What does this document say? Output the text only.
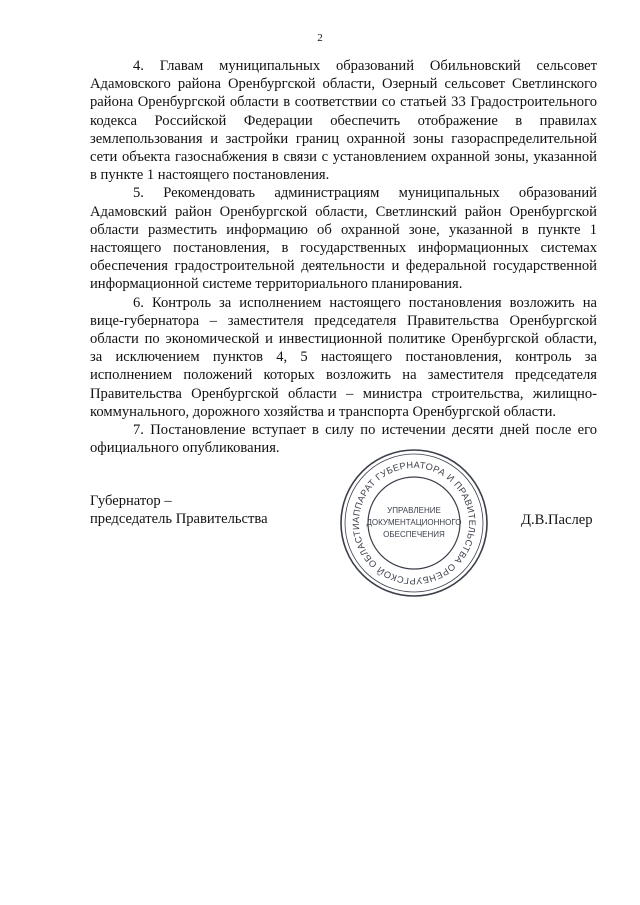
2

4. Главам муниципальных образований Обильновский сельсовет Адамовского района Оренбургской области, Озерный сельсовет Светлинского района Оренбургской области в соответствии со статьей 33 Градостроительного кодекса Российской Федерации обеспечить отображение в правилах землепользования и застройки границ охранной зоны газораспределительной сети объекта газоснабжения в связи с установлением охранной зоны, указанной в пункте 1 настоящего постановления.

5. Рекомендовать администрациям муниципальных образований Адамовский район Оренбургской области, Светлинский район Оренбургской области разместить информацию об охранной зоне, указанной в пункте 1 настоящего постановления, в государственных информационных системах обеспечения градостроительной деятельности и федеральной государственной информационной системе территориального планирования.

6. Контроль за исполнением настоящего постановления возложить на вице-губернатора – заместителя председателя Правительства Оренбургской области по экономической и инвестиционной политике Оренбургской области, за исключением пунктов 4, 5 настоящего постановления, контроль за исполнением положений которых возложить на заместителя председателя Правительства Оренбургской области – министра строительства, жилищно-коммунального, дорожного хозяйства и транспорта Оренбургской области.

7. Постановление вступает в силу по истечении десяти дней после его официального опубликования.

Губернатор –
председатель Правительства	Д.В.Паслер
АППАРАТ ГУБЕРНАТОРА И ПРАВИТЕЛЬСТВА ОРЕНБУРГСКОЙ ОБЛАСТИ
УПРАВЛЕНИЕ
ДОКУМЕНТАЦИОННОГО
ОБЕСПЕЧЕНИЯ
